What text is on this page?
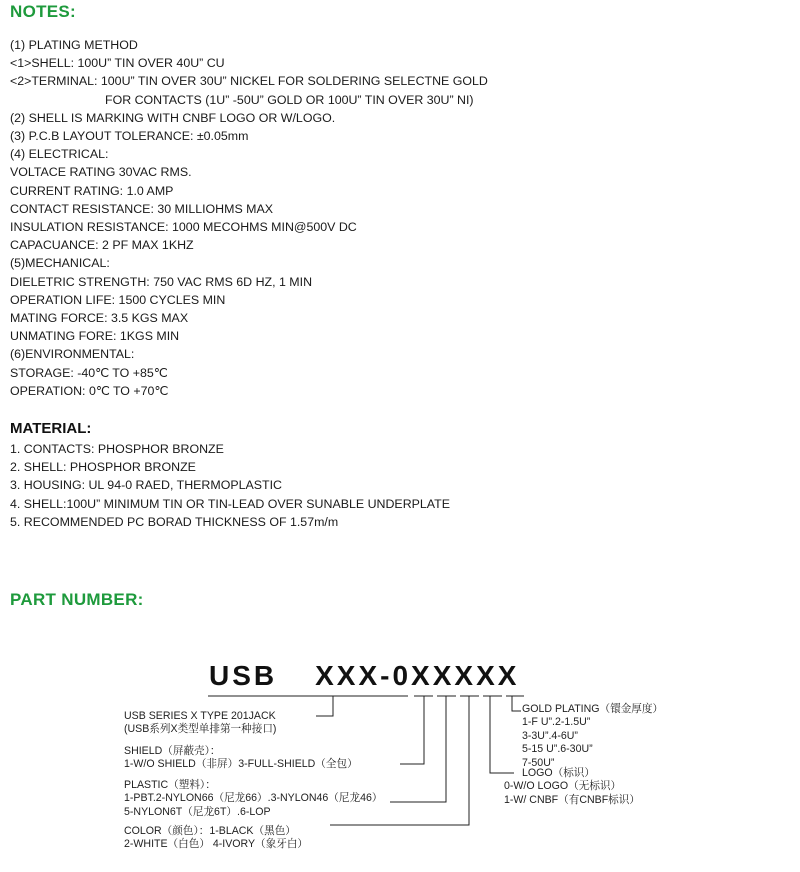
NOTES:
(1) PLATING METHOD
<1>SHELL: 100U” TIN OVER 40U” CU
<2>TERMINAL: 100U” TIN OVER 30U” NICKEL FOR SOLDERING SELECTNE GOLD
FOR CONTACTS (1U” -50U” GOLD OR 100U” TIN OVER 30U” NI)
(2) SHELL IS MARKING WITH CNBF LOGO OR W/LOGO.
(3) P.C.B LAYOUT TOLERANCE: ±0.05mm
(4) ELECTRICAL:
VOLTACE RATING 30VAC RMS.
CURRENT RATING: 1.0 AMP
CONTACT RESISTANCE: 30 MILLIOHMS MAX
INSULATION RESISTANCE: 1000 MECOHMS MIN@500V DC
CAPACUANCE: 2 PF MAX 1KHZ
(5)MECHANICAL:
DIELETRIC STRENGTH: 750 VAC RMS 6D HZ, 1 MIN
OPERATION LIFE: 1500 CYCLES MIN
MATING FORCE: 3.5 KGS MAX
UNMATING FORE: 1KGS MIN
(6)ENVIRONMENTAL:
STORAGE: -40℃ TO +85℃
OPERATION: 0℃ TO +70℃
MATERIAL:
1. CONTACTS: PHOSPHOR BRONZE
2. SHELL: PHOSPHOR BRONZE
3. HOUSING: UL 94-0 RAED, THERMOPLASTIC
4. SHELL:100U” MINIMUM TIN OR TIN-LEAD OVER SUNABLE UNDERPLATE
5. RECOMMENDED PC BORAD THICKNESS OF 1.57m/m
PART NUMBER:
USB XXX-0XXXXX
USB SERIES X TYPE 201JACK
(USB系列X类型单排第一种接口)
SHIELD（屏蔽壳）：
1-W/O SHIELD（非屏）3-FULL-SHIELD（全包）
PLASTIC（塑料）：
1-PBT.2-NYLON66（尼龙66）.3-NYLON46（尼龙46）
5-NYLON6T（尼龙6T）.6-LOP
COLOR（颜色）：1-BLACK（黑色）
2-WHITE（白色） 4-IVORY（象牙白）
GOLD PLATING（镮金厚度）
1-F U”.2-1.5U”
3-3U”.4-6U”
5-15 U”.6-30U”
7-50U”
LOGO（标识）
0-W/O LOGO（无标识）
1-W/ CNBF（有CNBF标识）
